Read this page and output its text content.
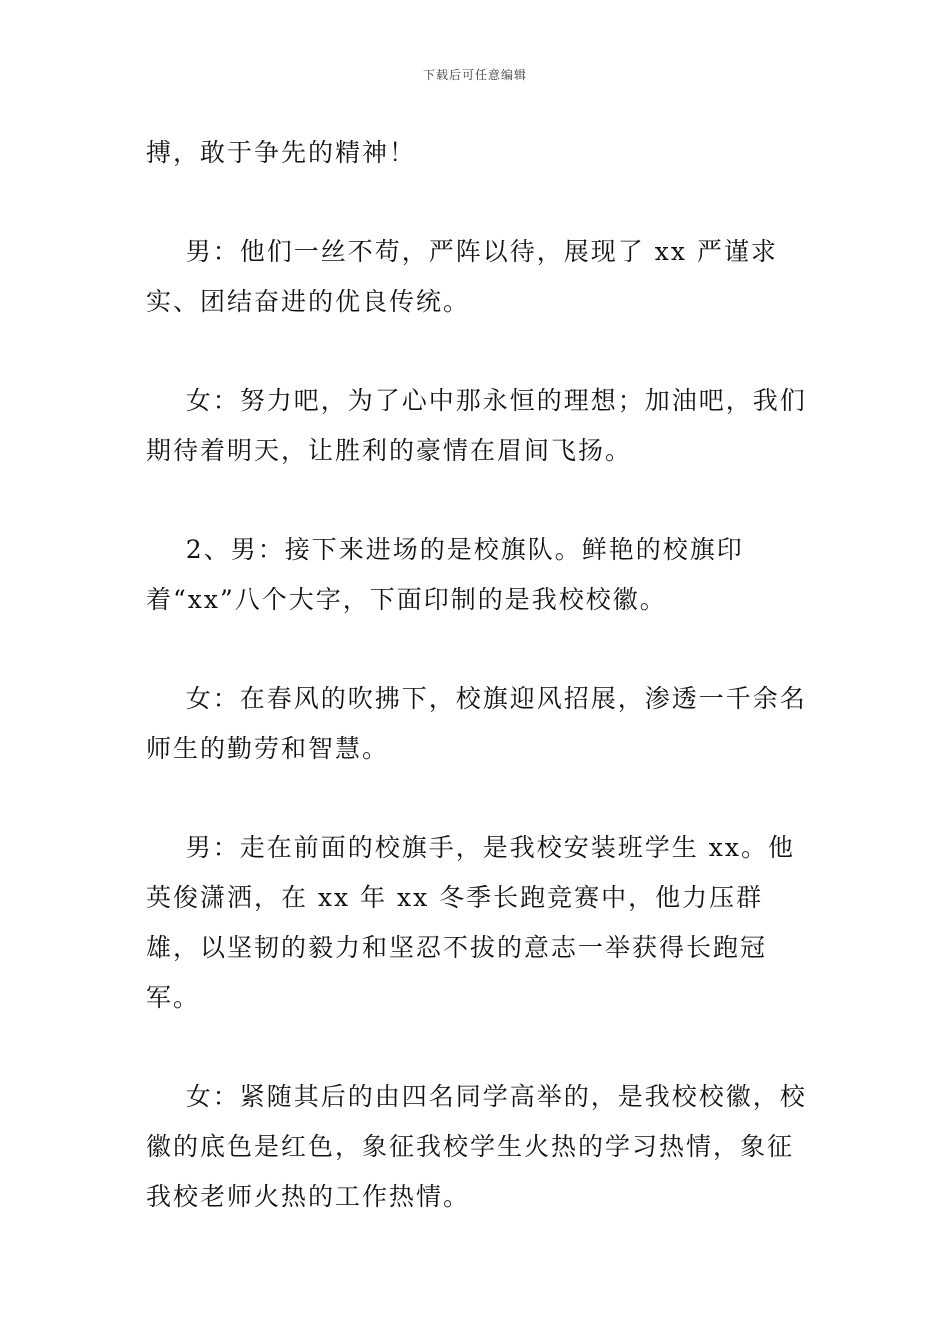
下载后可任意编辑

搏，敢于争先的精神！

男：他们一丝不苟，严阵以待，展现了 xx 严谨求实、团结奋进的优良传统。

女：努力吧，为了心中那永恒的理想；加油吧，我们期待着明天，让胜利的豪情在眉间飞扬。

2、男：接下来进场的是校旗队。鲜艳的校旗印着“xx”八个大字，下面印制的是我校校徽。

女：在春风的吹拂下，校旗迎风招展，渗透一千余名师生的勤劳和智慧。

男：走在前面的校旗手，是我校安装班学生 xx。他英俊潇洒，在 xx 年 xx 冬季长跑竞赛中，他力压群雄，以坚韧的毅力和坚忍不拔的意志一举获得长跑冠军。

女：紧随其后的由四名同学高举的，是我校校徽，校徽的底色是红色，象征我校学生火热的学习热情，象征我校老师火热的工作热情。
